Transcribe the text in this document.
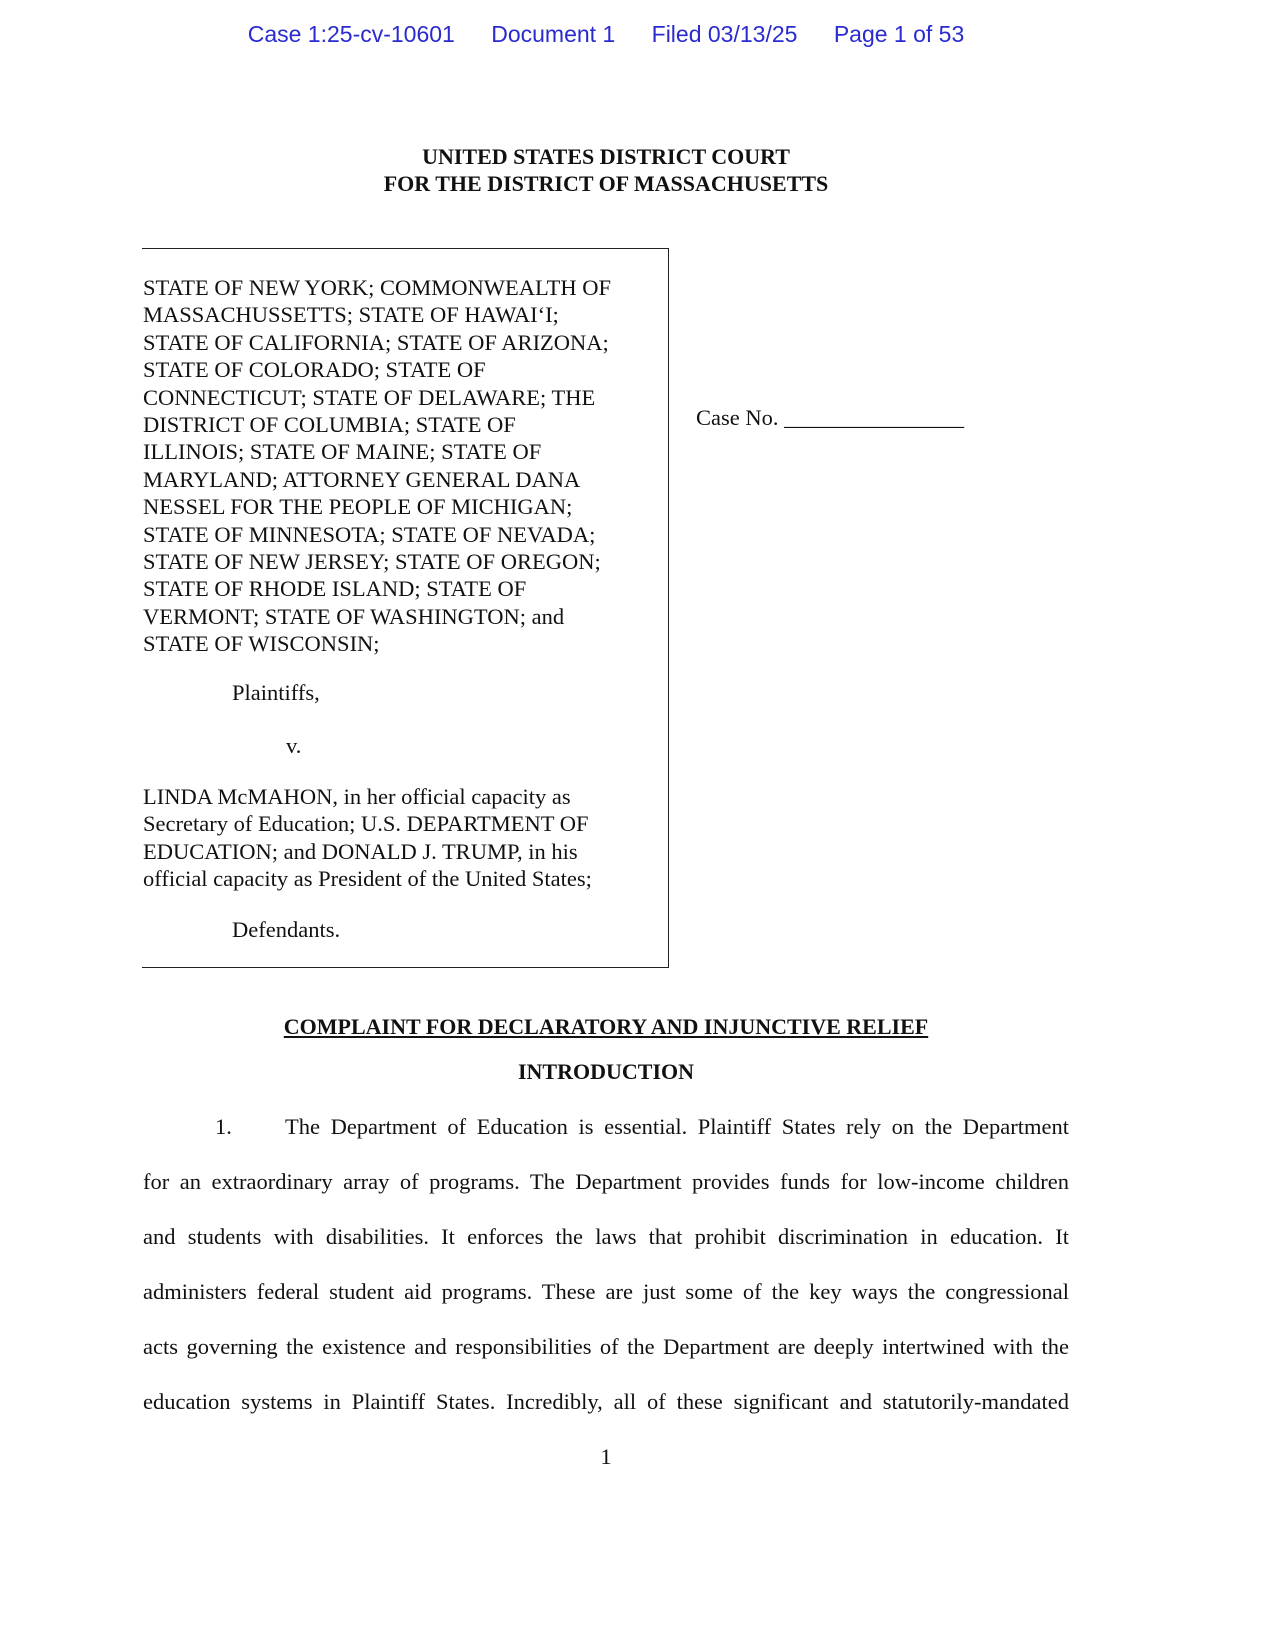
Case 1:25-cv-10601 Document 1 Filed 03/13/25 Page 1 of 53
UNITED STATES DISTRICT COURT
FOR THE DISTRICT OF MASSACHUSETTS
STATE OF NEW YORK; COMMONWEALTH OF
MASSACHUSSETTS; STATE OF HAWAI‘I;
STATE OF CALIFORNIA; STATE OF ARIZONA;
STATE OF COLORADO; STATE OF
CONNECTICUT; STATE OF DELAWARE; THE
DISTRICT OF COLUMBIA; STATE OF
ILLINOIS; STATE OF MAINE; STATE OF
MARYLAND; ATTORNEY GENERAL DANA
NESSEL FOR THE PEOPLE OF MICHIGAN;
STATE OF MINNESOTA; STATE OF NEVADA;
STATE OF NEW JERSEY; STATE OF OREGON;
STATE OF RHODE ISLAND; STATE OF
VERMONT; STATE OF WASHINGTON; and
STATE OF WISCONSIN;
Plaintiffs,
v.
LINDA McMAHON, in her official capacity as
Secretary of Education; U.S. DEPARTMENT OF
EDUCATION; and DONALD J. TRUMP, in his
official capacity as President of the United States;
Defendants.
Case No. ________________
COMPLAINT FOR DECLARATORY AND INJUNCTIVE RELIEF
INTRODUCTION
1. The Department of Education is essential. Plaintiff States rely on the Department
for an extraordinary array of programs. The Department provides funds for low-income children
and students with disabilities. It enforces the laws that prohibit discrimination in education. It
administers federal student aid programs. These are just some of the key ways the congressional
acts governing the existence and responsibilities of the Department are deeply intertwined with the
education systems in Plaintiff States. Incredibly, all of these significant and statutorily-mandated
1
